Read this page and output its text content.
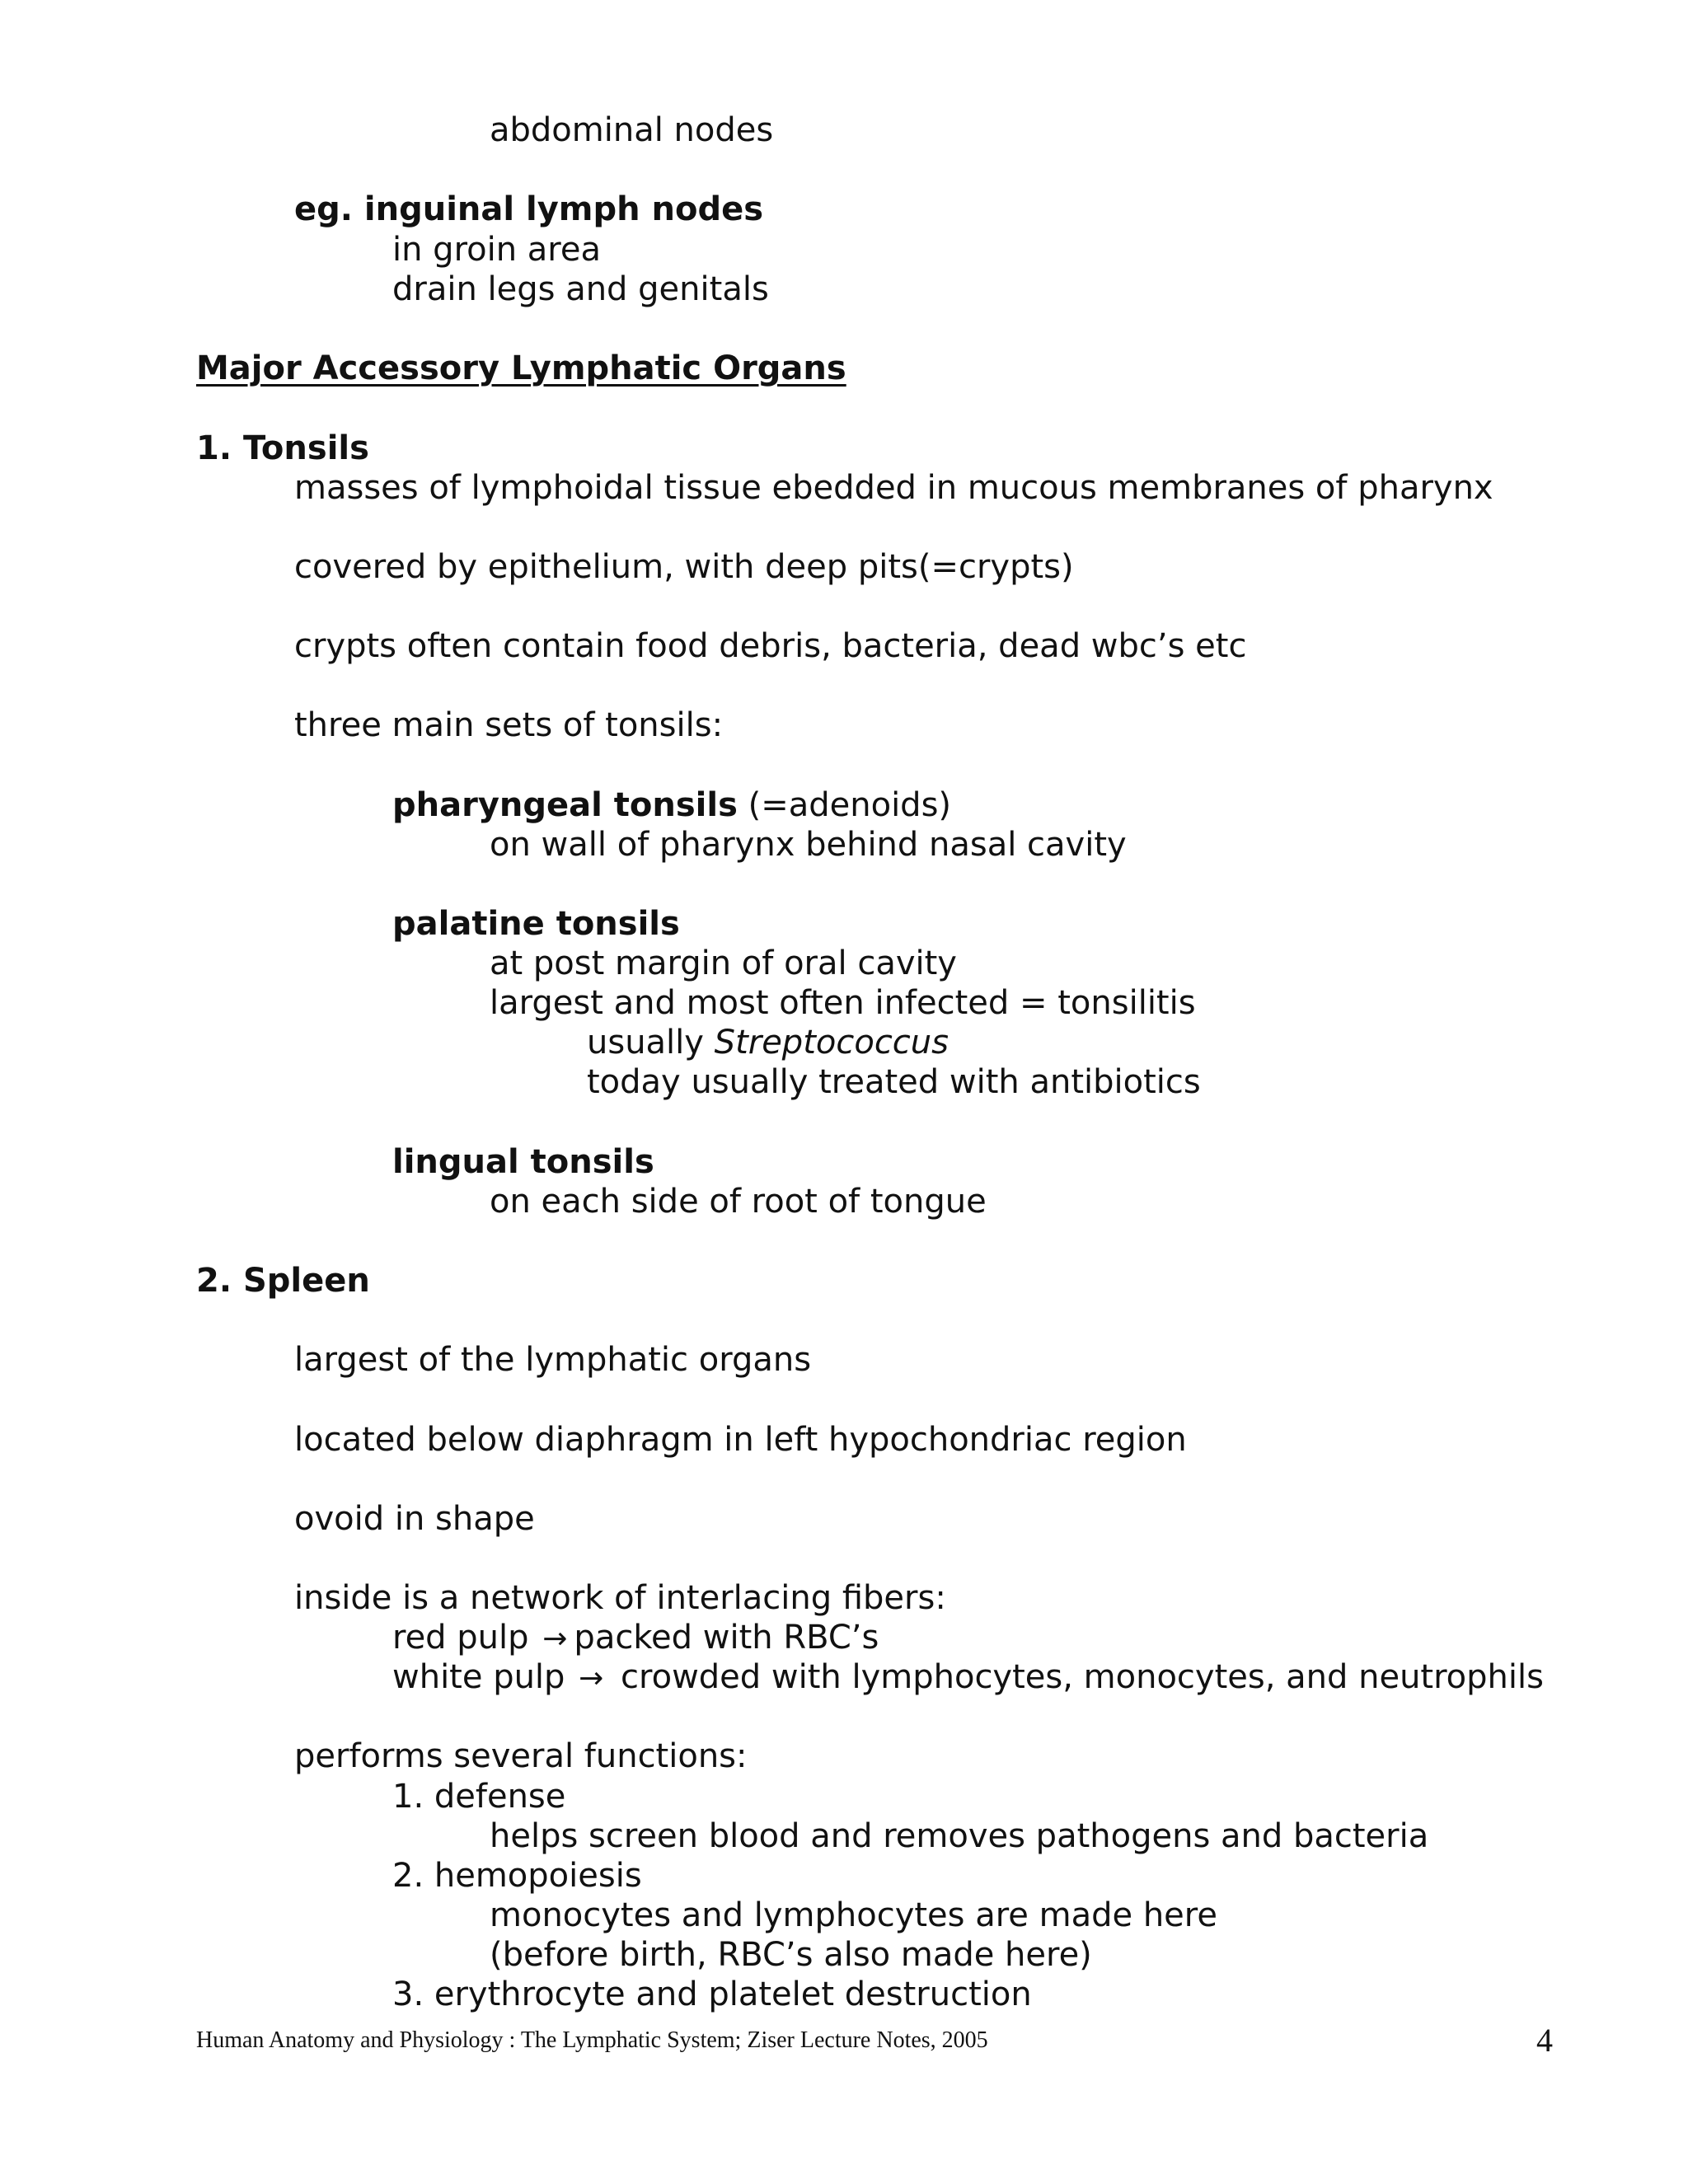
abdominal nodes
eg. inguinal lymph nodes
in groin area
drain legs and genitals
Major Accessory Lymphatic Organs
1. Tonsils
masses of lymphoidal tissue ebedded in mucous membranes of pharynx
covered by epithelium, with deep pits(=crypts)
crypts often contain food debris, bacteria, dead wbc’s etc
three main sets of tonsils:
pharyngeal tonsils (=adenoids)
on wall of pharynx behind nasal cavity
palatine tonsils
at post margin of oral cavity
largest and most often infected = tonsilitis
usually Streptococcus
today usually treated with antibiotics
lingual tonsils
on each side of root of tongue
2. Spleen
largest of the lymphatic organs
located below diaphragm in left hypochondriac region
ovoid in shape
inside is a network of interlacing fibers:
red pulp → packed with RBC’s
white pulp → crowded with lymphocytes, monocytes, and neutrophils
performs several functions:
1. defense
helps screen blood and removes pathogens and bacteria
2. hemopoiesis
monocytes and lymphocytes are made here
(before birth, RBC’s also made here)
3. erythrocyte and platelet destruction
Human Anatomy and Physiology : The Lymphatic System; Ziser Lecture Notes, 2005	4
